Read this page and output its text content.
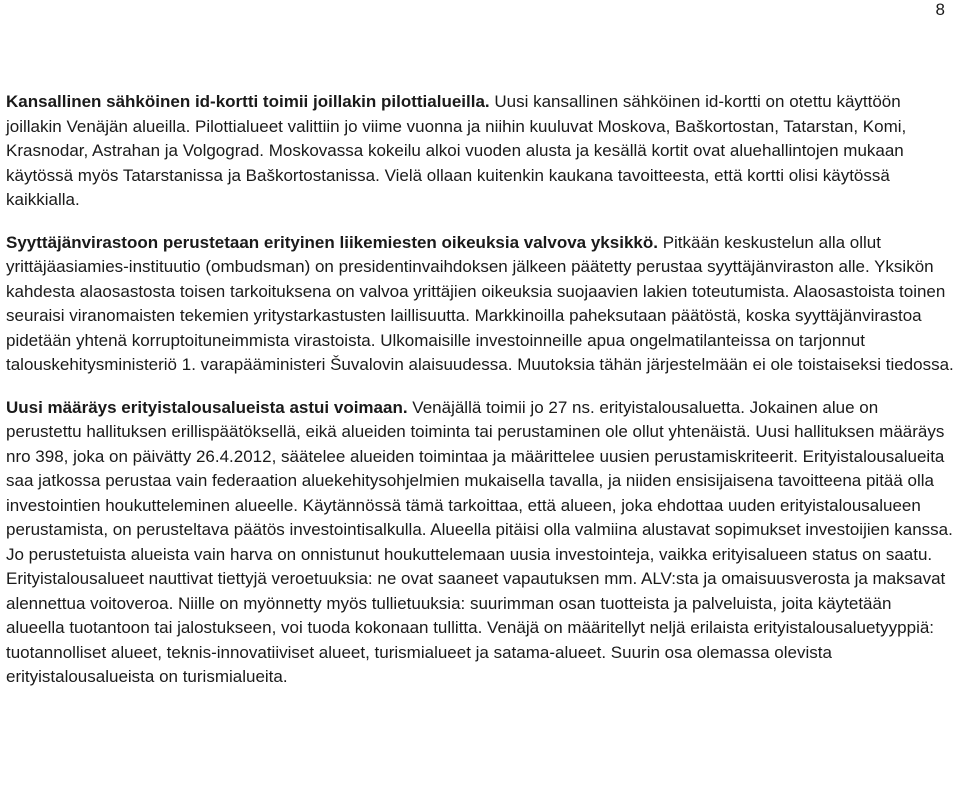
8

Kansallinen sähköinen id-kortti toimii joillakin pilottialueilla. Uusi kansallinen sähköinen id-kortti on otettu käyttöön joillakin Venäjän alueilla. Pilottialueet valittiin jo viime vuonna ja niihin kuuluvat Moskova, Baškortostan, Tatarstan, Komi, Krasnodar, Astrahan ja Volgograd. Moskovassa kokeilu alkoi vuoden alusta ja kesällä kortit ovat aluehallintojen mukaan käytössä myös Tatarstanissa ja Baškortostanissa. Vielä ollaan kuitenkin kaukana tavoitteesta, että kortti olisi käytössä kaikkialla.

Syyttäjänvirastoon perustetaan erityinen liikemiesten oikeuksia valvova yksikkö. Pitkään keskustelun alla ollut yrittäjäasiamies-instituutio (ombudsman) on presidentinvaihdoksen jälkeen päätetty perustaa syyttäjänviraston alle. Yksikön kahdesta alaosastosta toisen tarkoituksena on valvoa yrittäjien oikeuksia suojaavien lakien toteutumista. Alaosastoista toinen seuraisi viranomaisten tekemien yritystarkastusten laillisuutta. Markkinoilla paheksutaan päätöstä, koska syyttäjänvirastoa pidetään yhtenä korruptoituneimmista virastoista. Ulkomaisille investoinneille apua ongelmatilanteissa on tarjonnut talouskehitysministeriö 1. varapääministeri Šuvalovin alaisuudessa. Muutoksia tähän järjestelmään ei ole toistaiseksi tiedossa.

Uusi määräys erityistalousalueista astui voimaan. Venäjällä toimii jo 27 ns. erityistalousaluetta. Jokainen alue on perustettu hallituksen erillispäätöksellä, eikä alueiden toiminta tai perustaminen ole ollut yhtenäistä. Uusi hallituksen määräys nro 398, joka on päivätty 26.4.2012, säätelee alueiden toimintaa ja määrittelee uusien perustamiskriteerit. Erityistalousalueita saa jatkossa perustaa vain federaation aluekehitysohjelmien mukaisella tavalla, ja niiden ensisijaisena tavoitteena pitää olla investointien houkutteleminen alueelle. Käytännössä tämä tarkoittaa, että alueen, joka ehdottaa uuden erityistalousalueen perustamista, on perusteltava päätös investointisalkulla. Alueella pitäisi olla valmiina alustavat sopimukset investoijien kanssa. Jo perustetuista alueista vain harva on onnistunut houkuttelemaan uusia investointeja, vaikka erityisalueen status on saatu. Erityistalousalueet nauttivat tiettyjä veroetuuksia: ne ovat saaneet vapautuksen mm. ALV:sta ja omaisuusverosta ja maksavat alennettua voitoveroa. Niille on myönnetty myös tullietuuksia: suurimman osan tuotteista ja palveluista, joita käytetään alueella tuotantoon tai jalostukseen, voi tuoda kokonaan tullitta. Venäjä on määritellyt neljä erilaista erityistalousaluetyyppiä: tuotannolliset alueet, teknis-innovatiiviset alueet, turismialueet ja satama-alueet. Suurin osa olemassa olevista erityistalousalueista on turismialueita.
